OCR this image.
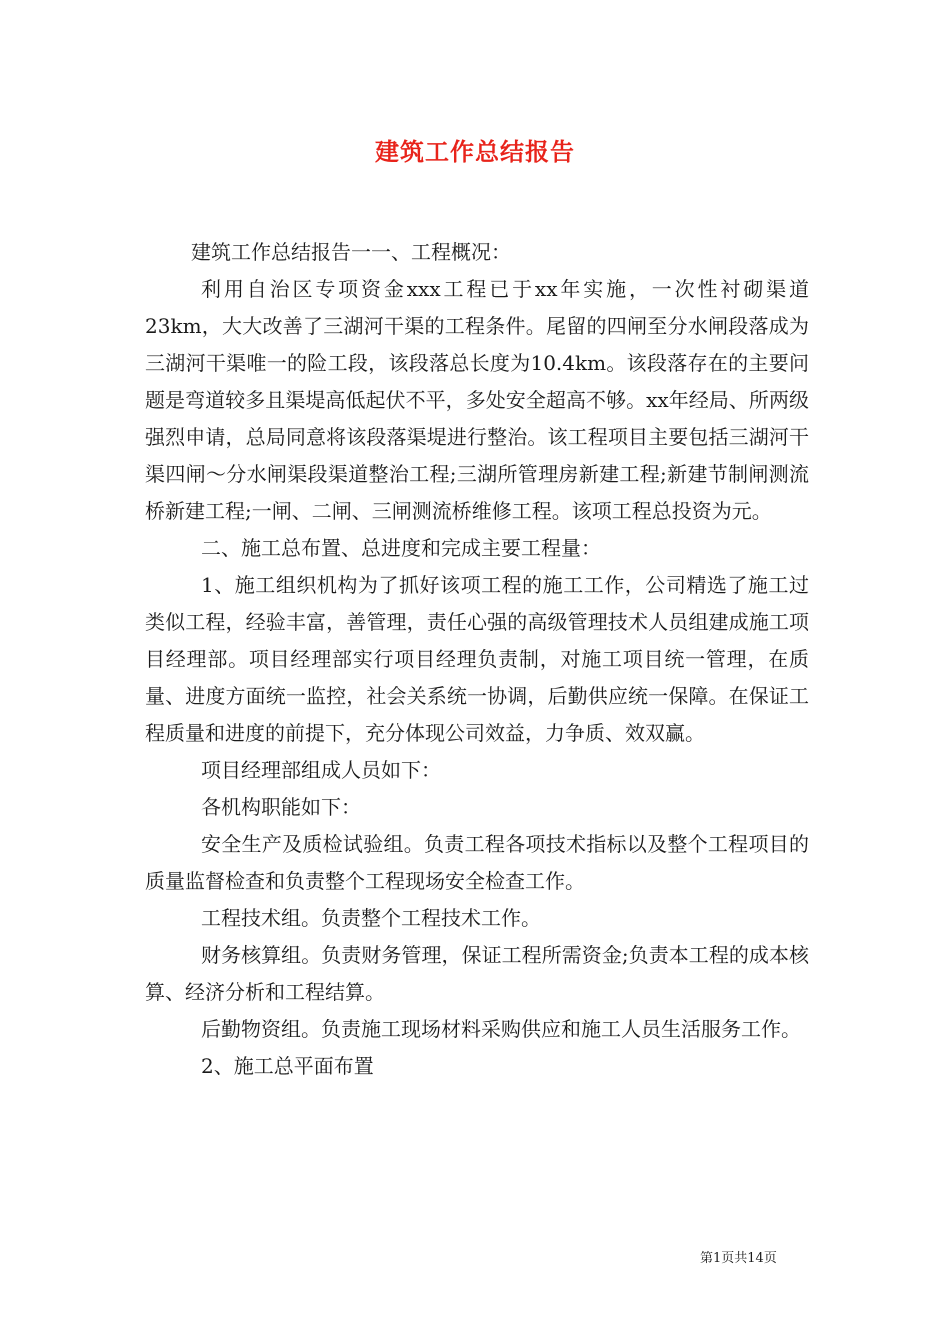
建筑工作总结报告

建筑工作总结报告一一、工程概况：

利用自治区专项资金xxx工程已于xx年实施，一次性衬砌渠道23km，大大改善了三湖河干渠的工程条件。尾留的四闸至分水闸段落成为三湖河干渠唯一的险工段，该段落总长度为10.4km。该段落存在的主要问题是弯道较多且渠堤高低起伏不平，多处安全超高不够。xx年经局、所两级强烈申请，总局同意将该段落渠堤进行整治。该工程项目主要包括三湖河干渠四闸～分水闸渠段渠道整治工程;三湖所管理房新建工程;新建节制闸测流桥新建工程;一闸、二闸、三闸测流桥维修工程。该项工程总投资为元。

二、施工总布置、总进度和完成主要工程量：

1、施工组织机构为了抓好该项工程的施工工作，公司精选了施工过类似工程，经验丰富，善管理，责任心强的高级管理技术人员组建成施工项目经理部。项目经理部实行项目经理负责制，对施工项目统一管理，在质量、进度方面统一监控，社会关系统一协调，后勤供应统一保障。在保证工程质量和进度的前提下，充分体现公司效益，力争质、效双赢。

项目经理部组成人员如下：

各机构职能如下：

安全生产及质检试验组。负责工程各项技术指标以及整个工程项目的质量监督检查和负责整个工程现场安全检查工作。

工程技术组。负责整个工程技术工作。

财务核算组。负责财务管理，保证工程所需资金;负责本工程的成本核算、经济分析和工程结算。

后勤物资组。负责施工现场材料采购供应和施工人员生活服务工作。

2、施工总平面布置

第1页共14页
